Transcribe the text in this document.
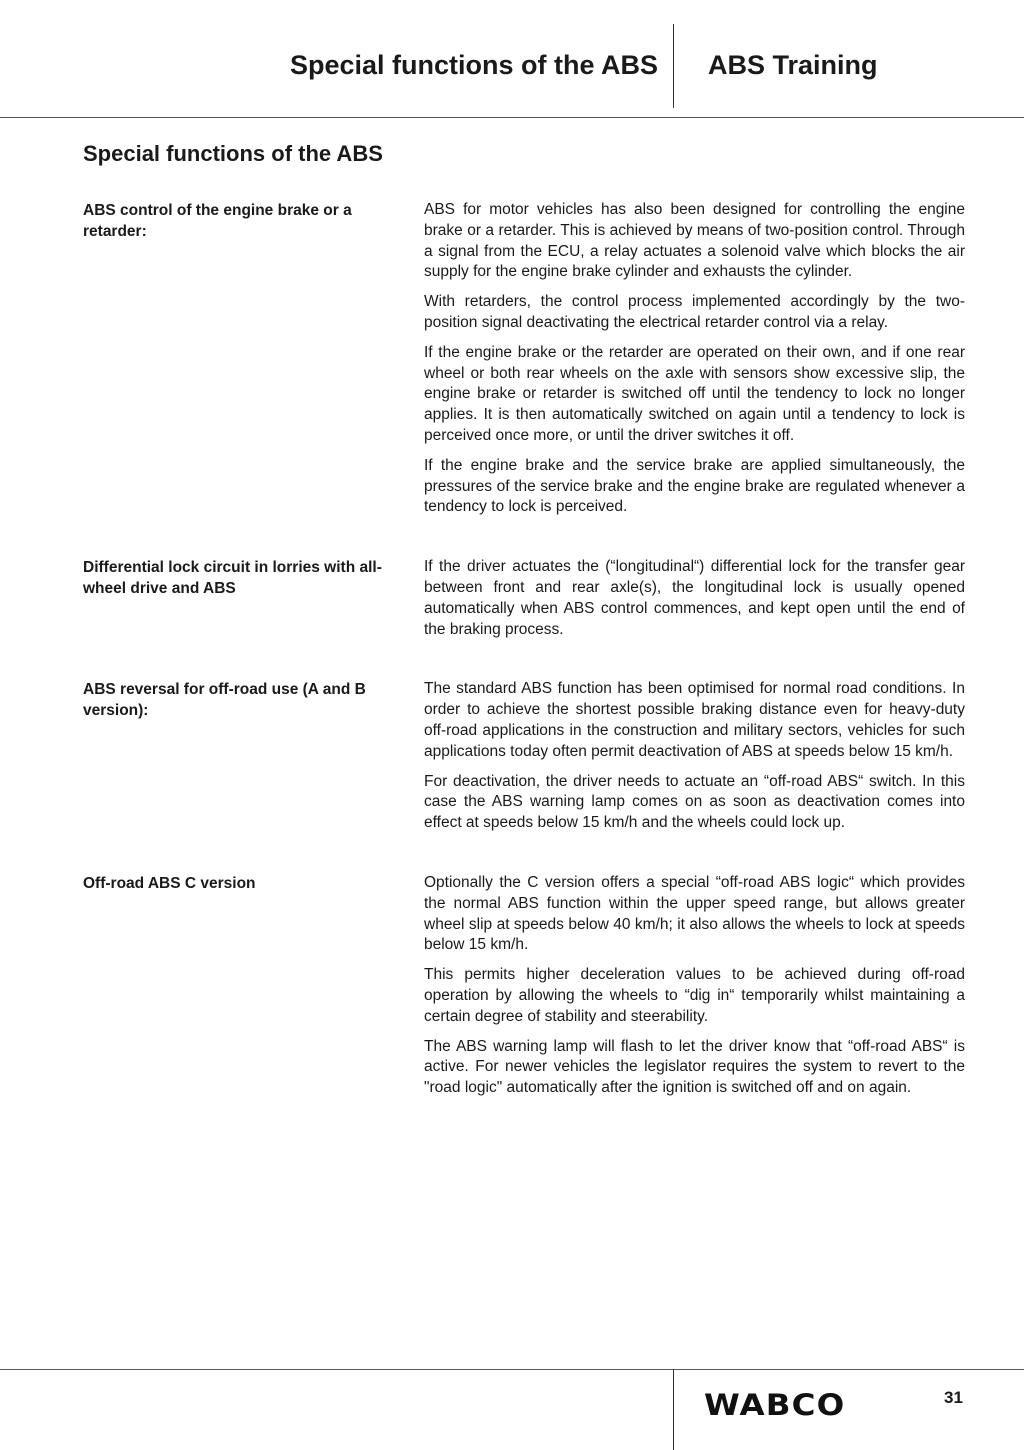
Special functions of the ABS ABS Training
Special functions of the ABS
ABS control of the engine brake or a retarder:

ABS for motor vehicles has also been designed for controlling the engine brake or a retarder. This is achieved by means of two-position control. Through a signal from the ECU, a relay actuates a solenoid valve which blocks the air supply for the engine brake cylinder and exhausts the cylinder.

With retarders, the control process implemented accordingly by the two-position signal deactivating the electrical retarder control via a relay.

If the engine brake or the retarder are operated on their own, and if one rear wheel or both rear wheels on the axle with sensors show excessive slip, the engine brake or retarder is switched off until the tendency to lock no longer applies. It is then automatically switched on again until a tendency to lock is perceived once more, or until the driver switches it off.

If the engine brake and the service brake are applied simultaneously, the pressures of the service brake and the engine brake are regulated whenever a tendency to lock is perceived.

Differential lock circuit in lorries with all-wheel drive and ABS

If the driver actuates the (“longitudinal“) differential lock for the transfer gear between front and rear axle(s), the longitudinal lock is usually opened automatically when ABS control commences, and kept open until the end of the braking process.

ABS reversal for off-road use (A and B version):

The standard ABS function has been optimised for normal road conditions. In order to achieve the shortest possible braking distance even for heavy-duty off-road applications in the construction and military sectors, vehicles for such applications today often permit deactivation of ABS at speeds below 15 km/h.

For deactivation, the driver needs to actuate an “off-road ABS“ switch. In this case the ABS warning lamp comes on as soon as deactivation comes into effect at speeds below 15 km/h and the wheels could lock up.

Off-road ABS C version	Optionally the C version offers a special “off-road ABS logic“ which provides the normal ABS function within the upper speed range, but allows greater wheel slip at speeds below 40 km/h; it also allows the wheels to lock at speeds below 15 km/h.

This permits higher deceleration values to be achieved during off-road operation by allowing the wheels to “dig in“ temporarily whilst maintaining a certain degree of stability and steerability.

The ABS warning lamp will flash to let the driver know that “off-road ABS“ is active. For newer vehicles the legislator requires the system to revert to the "road logic" automatically after the ignition is switched off and on again.

WABCO	31
